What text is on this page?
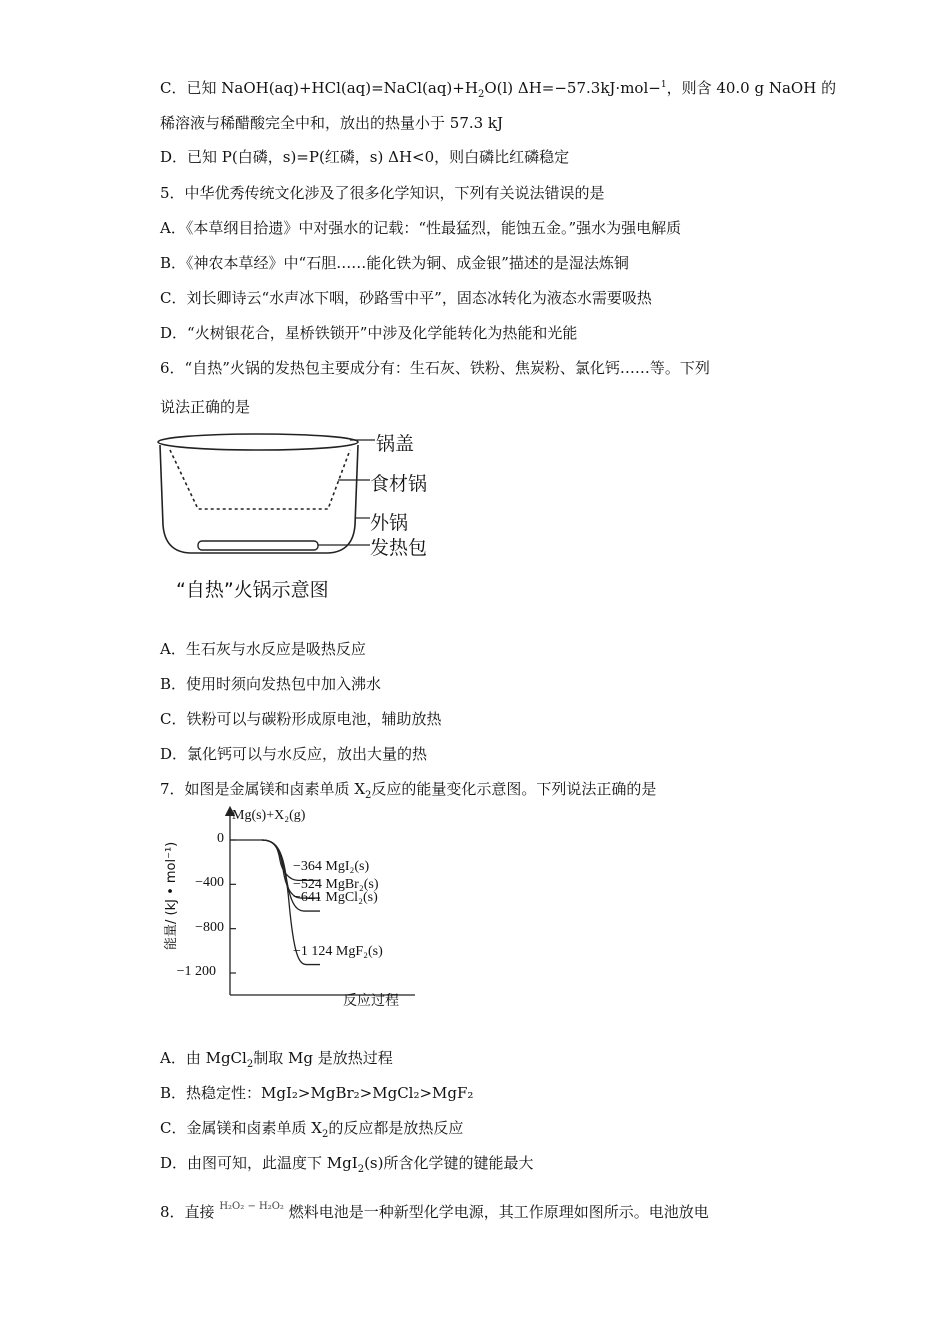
C．已知 $NaOH(aq)+HCl(aq)=NaCl(aq)+H_2O(l)$ ΔH=−57.3kJ·mol−$^1$，则含 40.0 g NaOH 的
稀溶液与稀醋酸完全中和，放出的热量小于 57.3 kJ
D．已知 P(白磷，s)=P(红磷，s) ΔH<0，则白磷比红磷稳定
5．中华优秀传统文化涉及了很多化学知识，下列有关说法错误的是
A．《本草纲目拾遗》中对强水的记载：“性最猛烈，能蚀五金。”强水为强电解质
B．《神农本草经》中“石胆……能化铁为铜、成金银”描述的是湿法炼铜
C．刘长卿诗云“水声冰下咽，砂路雪中平”，固态冰转化为液态水需要吸热
D．“火树银花合，星桥铁锁开”中涉及化学能转化为热能和光能
6．“自热”火锅的发热包主要成分有：生石灰、铁粉、焦炭粉、氯化钙……等。下列
说法正确的是
锅盖
食材锅
外锅
发热包
“自热”火锅示意图
A．生石灰与水反应是吸热反应
B．使用时须向发热包中加入沸水
C．铁粉可以与碳粉形成原电池，辅助放热
D．氯化钙可以与水反应，放出大量的热
7．如图是金属镁和卤素单质 $X_2$反应的能量变化示意图。下列说法正确的是
Mg(s)+X₂(g)
0
−400
−800
−1 200
−364 MgI₂(s)
−524 MgBr₂(s)
−641 MgCl₂(s)
−1 124 MgF₂(s)
能量/ (kJ • mol⁻¹)
反应过程
A．由 MgCl$_2$制取 Mg 是放热过程
B．热稳定性：MgI₂>MgBr₂>MgCl₂>MgF₂
C．金属镁和卤素单质 $X_2$的反应都是放热反应
D．由图可知，此温度下 MgI$_2$(s)所含化学键的键能最大
8．直接 $^{H_2O_2 - H_2O_2}$ 燃料电池是一种新型化学电源，其工作原理如图所示。电池放电
